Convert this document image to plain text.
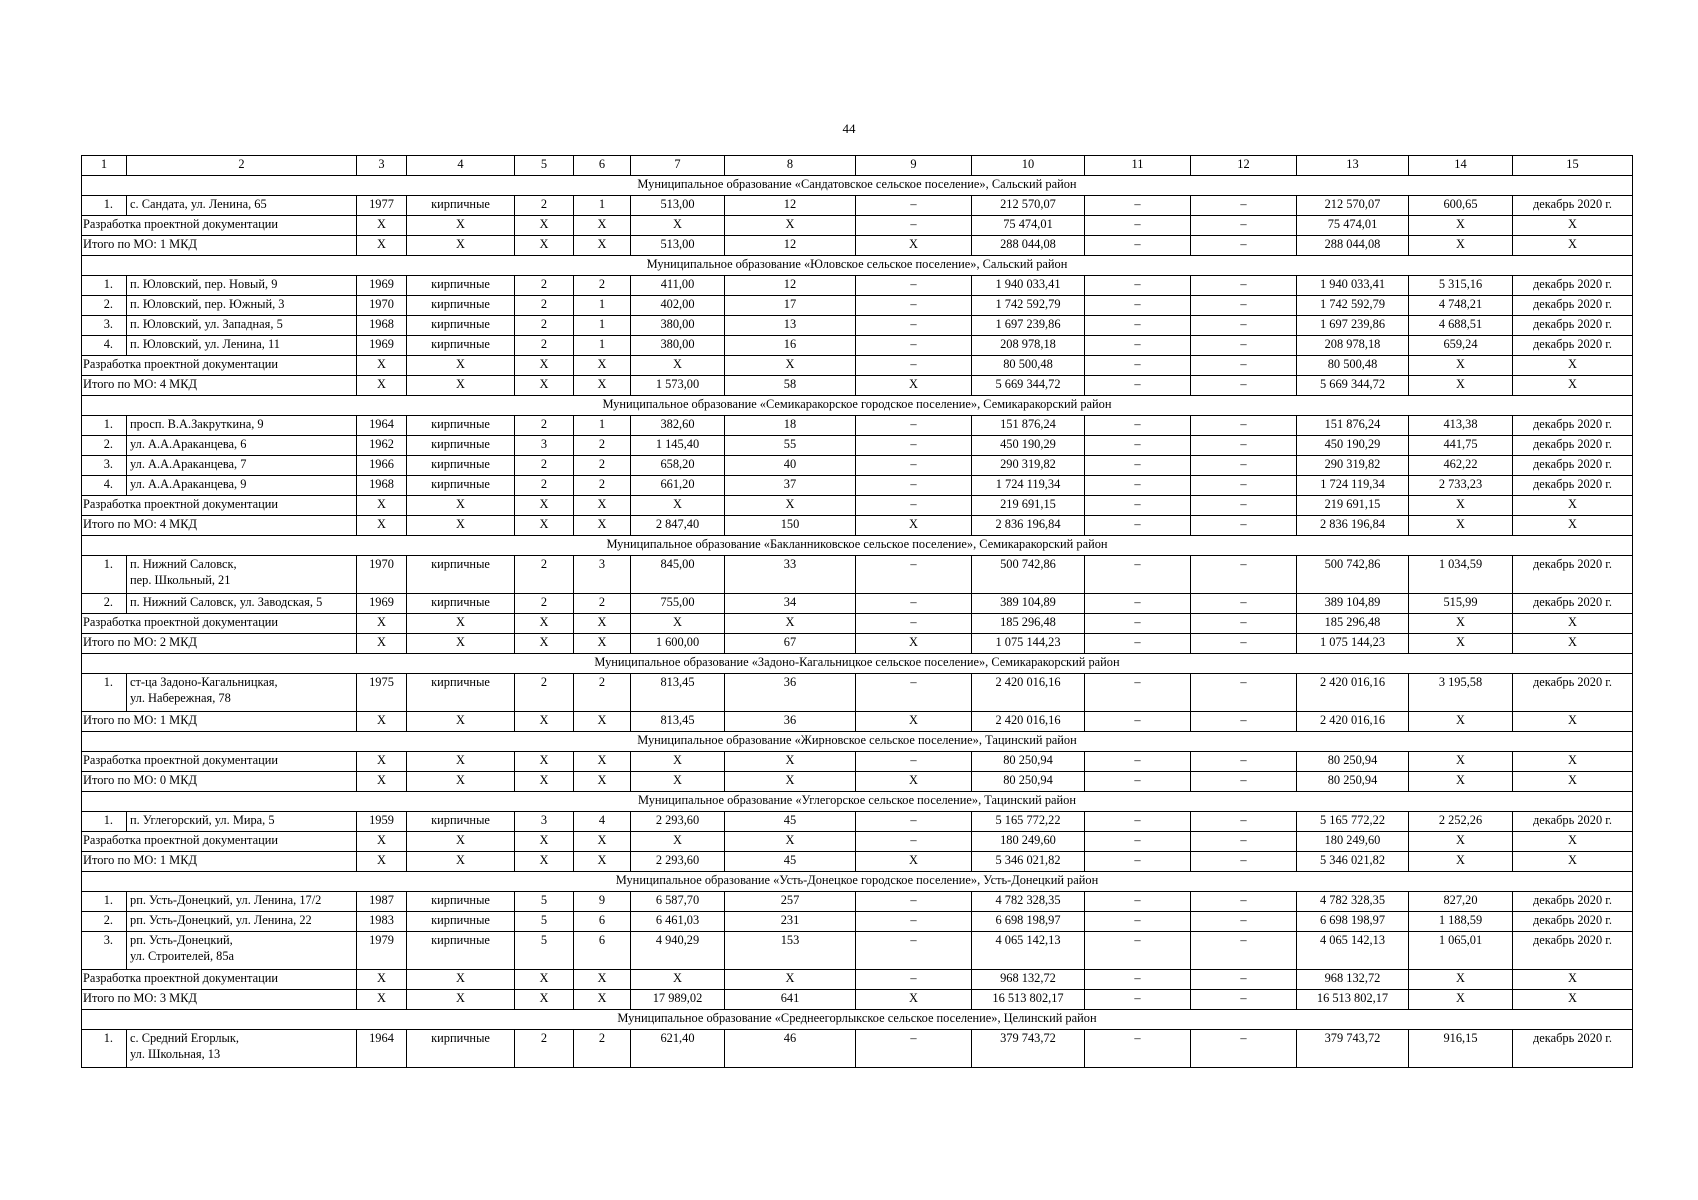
44
1	2	3	4	5	6	7	8	9	10	11	12	13	14	15
Муниципальное образование «Сандатовское сельское поселение», Сальский район														
1.	с. Сандата, ул. Ленина, 65	1977	кирпичные	2	1	513,00	12	–	212 570,07	–	–	212 570,07	600,65	декабрь 2020 г.
Разработка проектной документации		X	X	X	X	X	X	–	75 474,01	–	–	75 474,01	X	X
Итого по МО: 1 МКД		X	X	X	X	513,00	12	X	288 044,08	–	–	288 044,08	X	X
Муниципальное образование «Юловское сельское поселение», Сальский район														
1.	п. Юловский, пер. Новый, 9	1969	кирпичные	2	2	411,00	12	–	1 940 033,41	–	–	1 940 033,41	5 315,16	декабрь 2020 г.
2.	п. Юловский, пер. Южный, 3	1970	кирпичные	2	1	402,00	17	–	1 742 592,79	–	–	1 742 592,79	4 748,21	декабрь 2020 г.
3.	п. Юловский, ул. Западная, 5	1968	кирпичные	2	1	380,00	13	–	1 697 239,86	–	–	1 697 239,86	4 688,51	декабрь 2020 г.
4.	п. Юловский, ул. Ленина, 11	1969	кирпичные	2	1	380,00	16	–	208 978,18	–	–	208 978,18	659,24	декабрь 2020 г.
Разработка проектной документации		X	X	X	X	X	X	–	80 500,48	–	–	80 500,48	X	X
Итого по МО: 4 МКД		X	X	X	X	1 573,00	58	X	5 669 344,72	–	–	5 669 344,72	X	X
Муниципальное образование «Семикаракорское городское поселение», Семикаракорский район														
1.	просп. В.А.Закруткина, 9	1964	кирпичные	2	1	382,60	18	–	151 876,24	–	–	151 876,24	413,38	декабрь 2020 г.
2.	ул. А.А.Араканцева, 6	1962	кирпичные	3	2	1 145,40	55	–	450 190,29	–	–	450 190,29	441,75	декабрь 2020 г.
3.	ул. А.А.Араканцева, 7	1966	кирпичные	2	2	658,20	40	–	290 319,82	–	–	290 319,82	462,22	декабрь 2020 г.
4.	ул. А.А.Араканцева, 9	1968	кирпичные	2	2	661,20	37	–	1 724 119,34	–	–	1 724 119,34	2 733,23	декабрь 2020 г.
Разработка проектной документации		X	X	X	X	X	X	–	219 691,15	–	–	219 691,15	X	X
Итого по МО: 4 МКД		X	X	X	X	2 847,40	150	X	2 836 196,84	–	–	2 836 196,84	X	X
Муниципальное образование «Бакланниковское сельское поселение», Семикаракорский район														
1.	п. Нижний Саловск,
пер. Школьный, 21	1970	кирпичные	2	3	845,00	33	–	500 742,86	–	–	500 742,86	1 034,59	декабрь 2020 г.
2.	п. Нижний Саловск, ул. Заводская, 5	1969	кирпичные	2	2	755,00	34	–	389 104,89	–	–	389 104,89	515,99	декабрь 2020 г.
Разработка проектной документации		X	X	X	X	X	X	–	185 296,48	–	–	185 296,48	X	X
Итого по МО: 2 МКД		X	X	X	X	1 600,00	67	X	1 075 144,23	–	–	1 075 144,23	X	X
Муниципальное образование «Задоно-Кагальницкое сельское поселение», Семикаракорский район														
1.	ст-ца Задоно-Кагальницкая,
ул. Набережная, 78	1975	кирпичные	2	2	813,45	36	–	2 420 016,16	–	–	2 420 016,16	3 195,58	декабрь 2020 г.
Итого по МО: 1 МКД		X	X	X	X	813,45	36	X	2 420 016,16	–	–	2 420 016,16	X	X
Муниципальное образование «Жирновское сельское поселение», Тацинский район														
Разработка проектной документации		X	X	X	X	X	X	–	80 250,94	–	–	80 250,94	X	X
Итого по МО: 0 МКД		X	X	X	X	X	X	X	80 250,94	–	–	80 250,94	X	X
Муниципальное образование «Углегорское сельское поселение», Тацинский район														
1.	п. Углегорский, ул. Мира, 5	1959	кирпичные	3	4	2 293,60	45	–	5 165 772,22	–	–	5 165 772,22	2 252,26	декабрь 2020 г.
Разработка проектной документации		X	X	X	X	X	X	–	180 249,60	–	–	180 249,60	X	X
Итого по МО: 1 МКД		X	X	X	X	2 293,60	45	X	5 346 021,82	–	–	5 346 021,82	X	X
Муниципальное образование «Усть-Донецкое городское поселение», Усть-Донецкий район														
1.	рп. Усть-Донецкий, ул. Ленина, 17/2	1987	кирпичные	5	9	6 587,70	257	–	4 782 328,35	–	–	4 782 328,35	827,20	декабрь 2020 г.
2.	рп. Усть-Донецкий, ул. Ленина, 22	1983	кирпичные	5	6	6 461,03	231	–	6 698 198,97	–	–	6 698 198,97	1 188,59	декабрь 2020 г.
3.	рп. Усть-Донецкий,
ул. Строителей, 85а	1979	кирпичные	5	6	4 940,29	153	–	4 065 142,13	–	–	4 065 142,13	1 065,01	декабрь 2020 г.
Разработка проектной документации		X	X	X	X	X	X	–	968 132,72	–	–	968 132,72	X	X
Итого по МО: 3 МКД		X	X	X	X	17 989,02	641	X	16 513 802,17	–	–	16 513 802,17	X	X
Муниципальное образование «Среднеегорлыкское сельское поселение», Целинский район														
1.	с. Средний Егорлык,
ул. Школьная, 13	1964	кирпичные	2	2	621,40	46	–	379 743,72	–	–	379 743,72	916,15	декабрь 2020 г.
